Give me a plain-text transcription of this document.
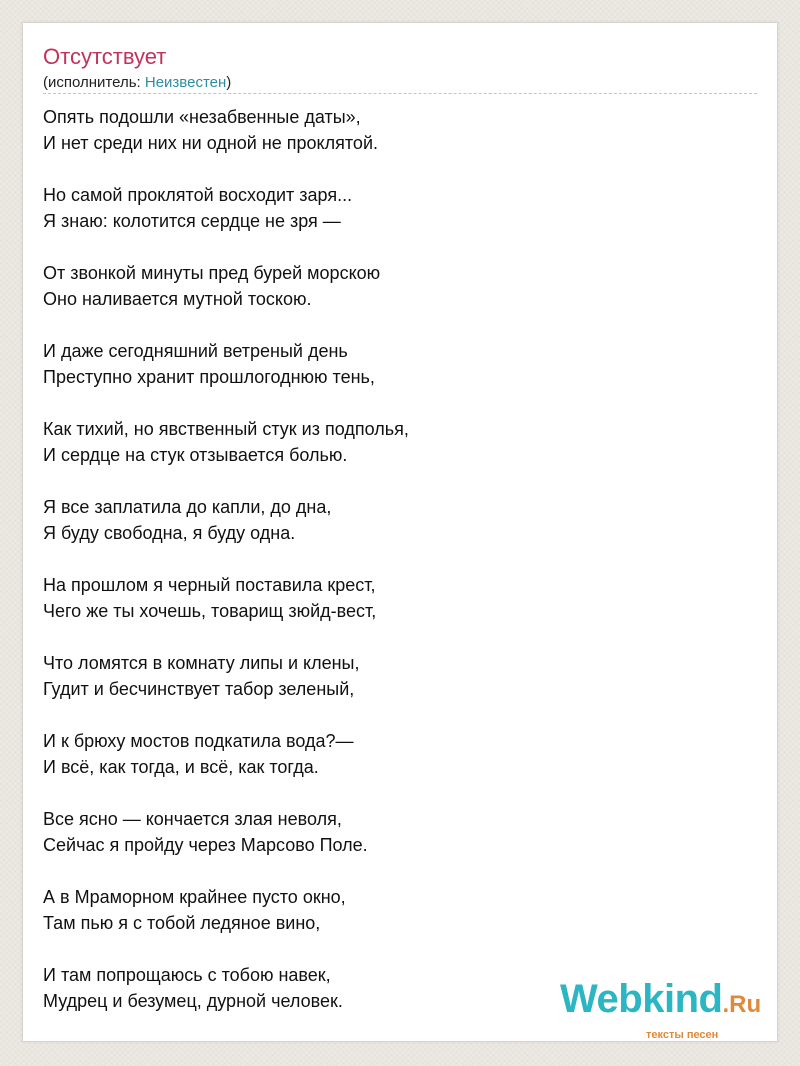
Отсутствует
(исполнитель: Неизвестен)
Опять подошли «незабвенные даты»,
И нет среди них ни одной не проклятой.
Но самой проклятой восходит заря...
Я знаю: колотится сердце не зря —
От звонкой минуты пред бурей морскою
Оно наливается мутной тоскою.
И даже сегодняшний ветреный день
Преступно хранит прошлогоднюю тень,
Как тихий, но явственный стук из подполья,
И сердце на стук отзывается болью.
Я все заплатила до капли, до дна,
Я буду свободна, я буду одна.
На прошлом я черный поставила крест,
Чего же ты хочешь, товарищ зюйд-вест,
Что ломятся в комнату липы и клены,
Гудит и бесчинствует табор зеленый,
И к брюху мостов подкатила вода?—
И всё, как тогда, и всё, как тогда.
Все ясно — кончается злая неволя,
Сейчас я пройду через Марсово Поле.
А в Мраморном крайнее пусто окно,
Там пью я с тобой ледяное вино,
И там попрощаюсь с тобою навек,
Мудрец и безумец, дурной человек.	Webkind.Ru
тексты песен
